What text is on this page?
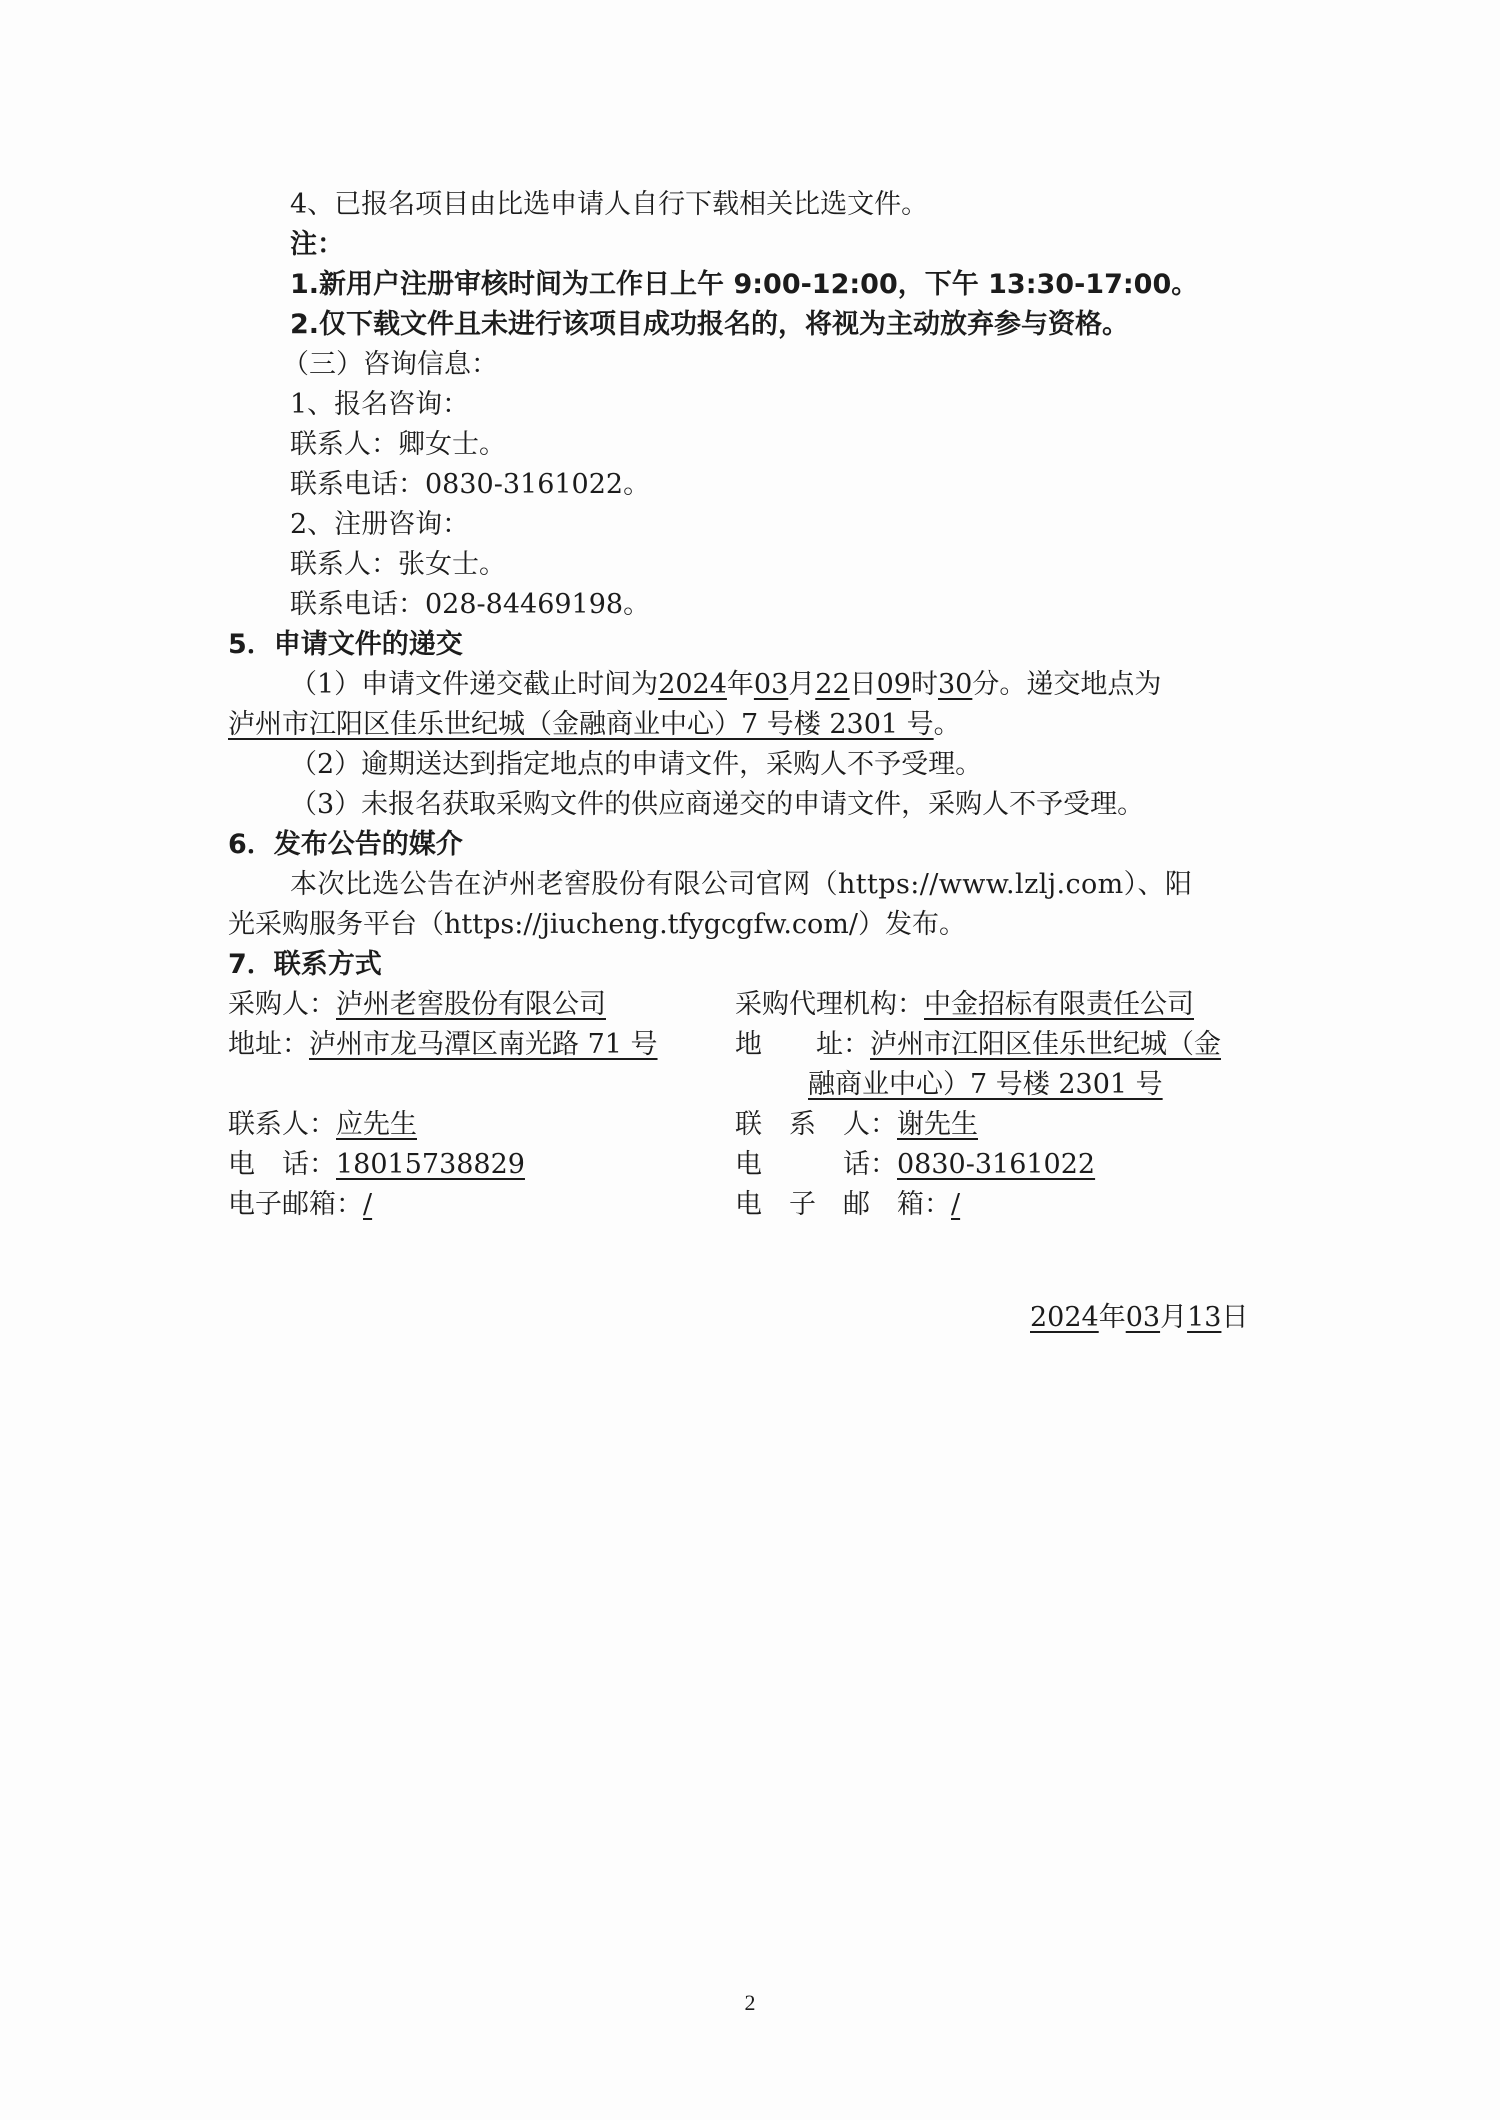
4、已报名项目由比选申请人自行下载相关比选文件。
注：
1.新用户注册审核时间为工作日上午 9:00-12:00，下午 13:30-17:00。
2.仅下载文件且未进行该项目成功报名的，将视为主动放弃参与资格。
（三）咨询信息：
1、报名咨询：
联系人：卿女士。
联系电话：0830-3161022。
2、注册咨询：
联系人：张女士。
联系电话：028-84469198。
5．申请文件的递交
（1）申请文件递交截止时间为2024年03月22日09时30分。递交地点为
泸州市江阳区佳乐世纪城（金融商业中心）7 号楼 2301 号。
（2）逾期送达到指定地点的申请文件，采购人不予受理。
（3）未报名获取采购文件的供应商递交的申请文件，采购人不予受理。
6．发布公告的媒介
本次比选公告在泸州老窖股份有限公司官网（https://www.lzlj.com）、阳
光采购服务平台（https://jiucheng.tfygcgfw.com/）发布。
7．联系方式
采购人：泸州老窖股份有限公司
地址：泸州市龙马潭区南光路 71 号
联系人：应先生
电　话：18015738829
电子邮箱：/
采购代理机构：中金招标有限责任公司
地　　址：泸州市江阳区佳乐世纪城（金
融商业中心）7 号楼 2301 号
联　系　人：谢先生
电　　　话：0830-3161022
电　子　邮　箱：/
2024年03月13日
2
